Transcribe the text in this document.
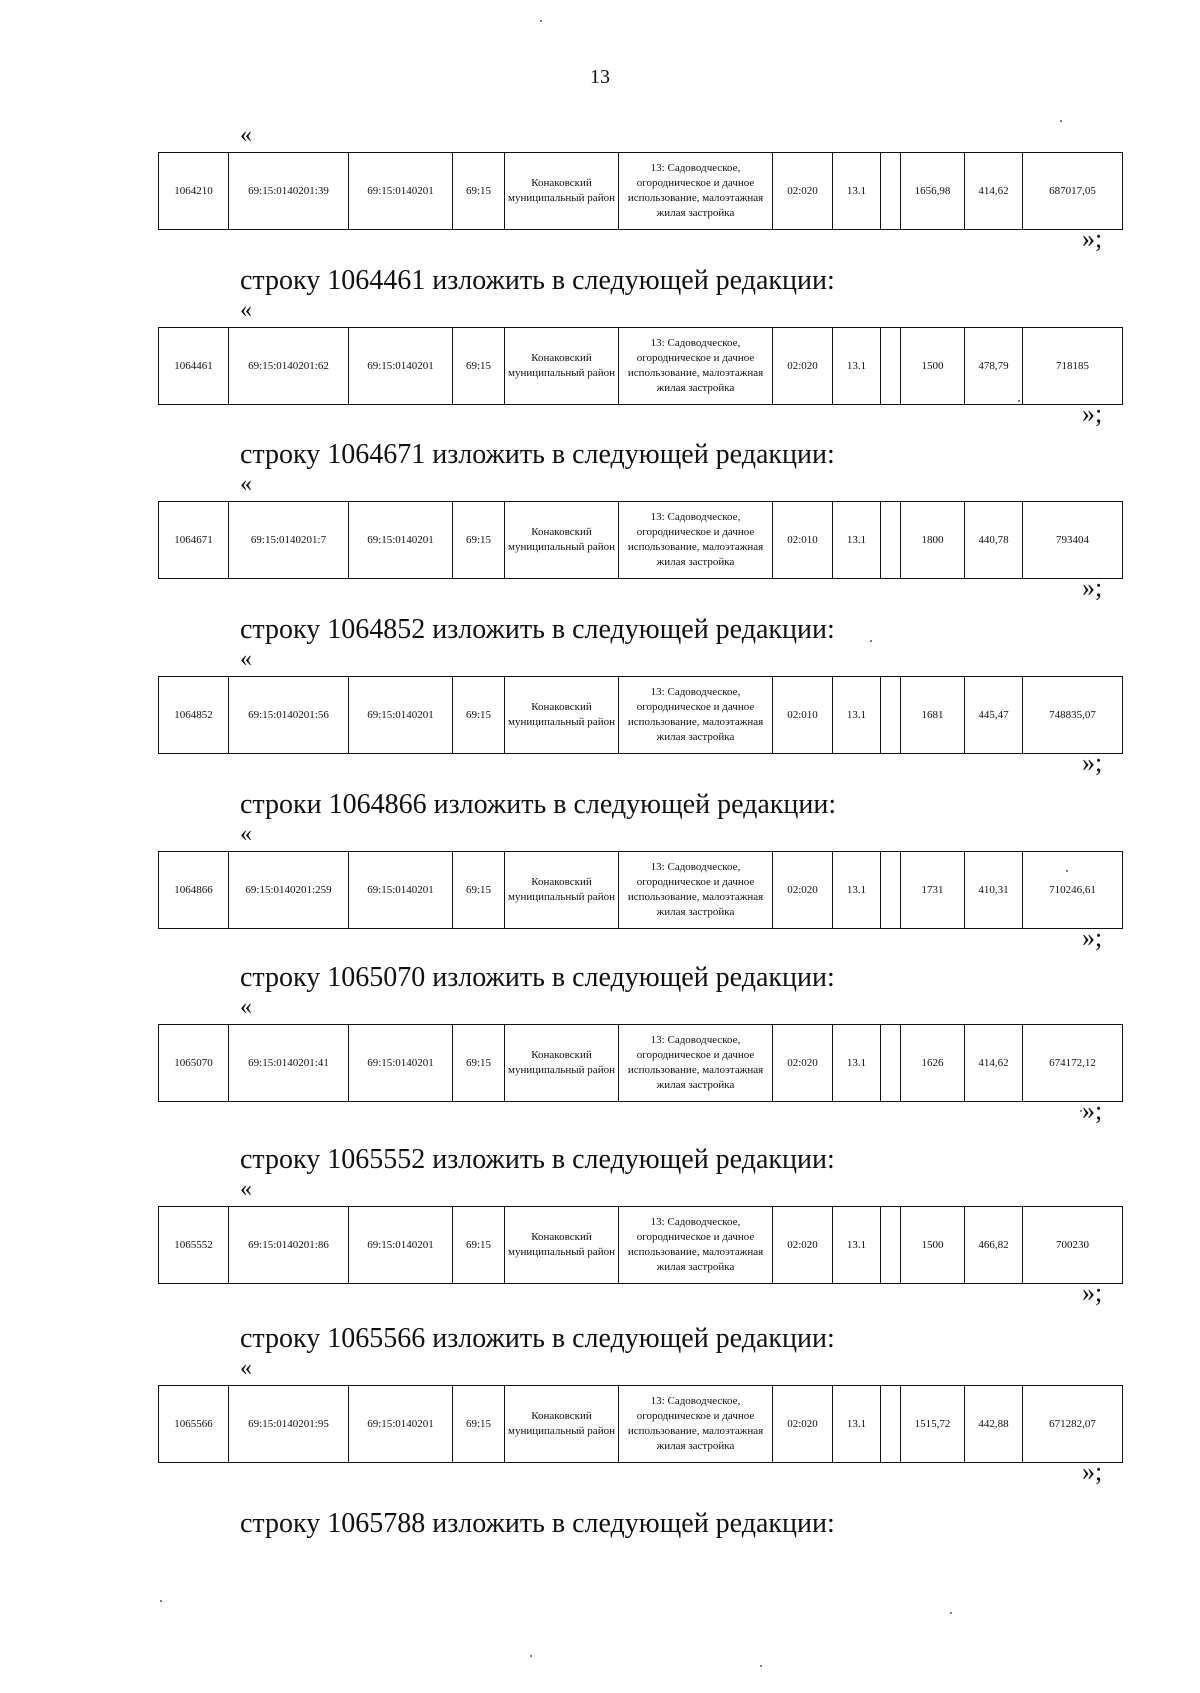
13
«
1064210	69:15:0140201:39	69:15:0140201	69:15	Конаковский муниципальный район	13: Садоводческое, огородническое и дачное использование, малоэтажная жилая застройка	02:020	13.1		1656,98	414,62	687017,05
»;
строку 1064461 изложить в следующей редакции:
«
1064461	69:15:0140201:62	69:15:0140201	69:15	Конаковский муниципальный район	13: Садоводческое, огородническое и дачное использование, малоэтажная жилая застройка	02:020	13.1		1500	478,79	718185
»;
строку 1064671 изложить в следующей редакции:
«
1064671	69:15:0140201:7	69:15:0140201	69:15	Конаковский муниципальный район	13: Садоводческое, огородническое и дачное использование, малоэтажная жилая застройка	02:010	13.1		1800	440,78	793404
»;
строку 1064852 изложить в следующей редакции:
«
1064852	69:15:0140201:56	69:15:0140201	69:15	Конаковский муниципальный район	13: Садоводческое, огородническое и дачное использование, малоэтажная жилая застройка	02:010	13.1		1681	445,47	748835,07
»;
строки 1064866 изложить в следующей редакции:
«
1064866	69:15:0140201:259	69:15:0140201	69:15	Конаковский муниципальный район	13: Садоводческое, огородническое и дачное использование, малоэтажная жилая застройка	02:020	13.1		1731	410,31	710246,61
»;
строку 1065070 изложить в следующей редакции:
«
1065070	69:15:0140201:41	69:15:0140201	69:15	Конаковский муниципальный район	13: Садоводческое, огородническое и дачное использование, малоэтажная жилая застройка	02:020	13.1		1626	414,62	674172,12
»;
строку 1065552 изложить в следующей редакции:
«
1065552	69:15:0140201:86	69:15:0140201	69:15	Конаковский муниципальный район	13: Садоводческое, огородническое и дачное использование, малоэтажная жилая застройка	02:020	13.1		1500	466,82	700230
»;
строку 1065566 изложить в следующей редакции:
«
1065566	69:15:0140201:95	69:15:0140201	69:15	Конаковский муниципальный район	13: Садоводческое, огородническое и дачное использование, малоэтажная жилая застройка	02:020	13.1		1515,72	442,88	671282,07
»;
строку 1065788 изложить в следующей редакции:
